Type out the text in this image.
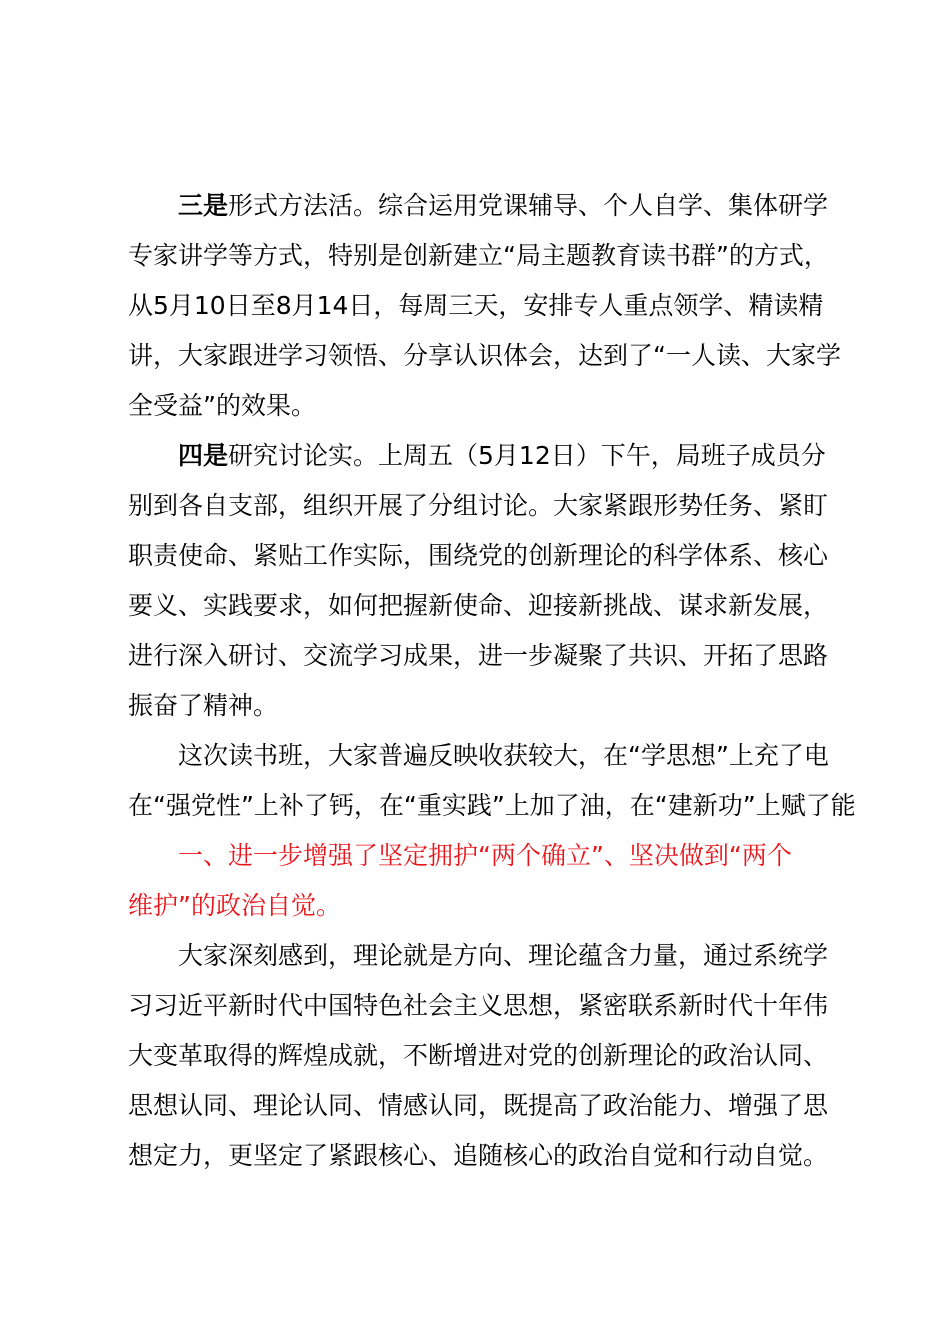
三是形式方法活。综合运用党课辅导、个人自学、集体研学
专家讲学等方式，特别是创新建立“局主题教育读书群”的方式，
从5月10日至8月14日，每周三天，安排专人重点领学、精读精
讲，大家跟进学习领悟、分享认识体会，达到了“一人读、大家学
全受益”的效果。
四是研究讨论实。上周五（5月12日）下午，局班子成员分
别到各自支部，组织开展了分组讨论。大家紧跟形势任务、紧盯
职责使命、紧贴工作实际，围绕党的创新理论的科学体系、核心
要义、实践要求，如何把握新使命、迎接新挑战、谋求新发展，
进行深入研讨、交流学习成果，进一步凝聚了共识、开拓了思路
振奋了精神。
这次读书班，大家普遍反映收获较大，在“学思想”上充了电
在“强党性”上补了钙，在“重实践”上加了油，在“建新功”上赋了能
一、进一步增强了坚定拥护“两个确立”、坚决做到“两个
维护”的政治自觉。
大家深刻感到，理论就是方向、理论蕴含力量，通过系统学
习习近平新时代中国特色社会主义思想，紧密联系新时代十年伟
大变革取得的辉煌成就，不断增进对党的创新理论的政治认同、
思想认同、理论认同、情感认同，既提高了政治能力、增强了思
想定力，更坚定了紧跟核心、追随核心的政治自觉和行动自觉。
